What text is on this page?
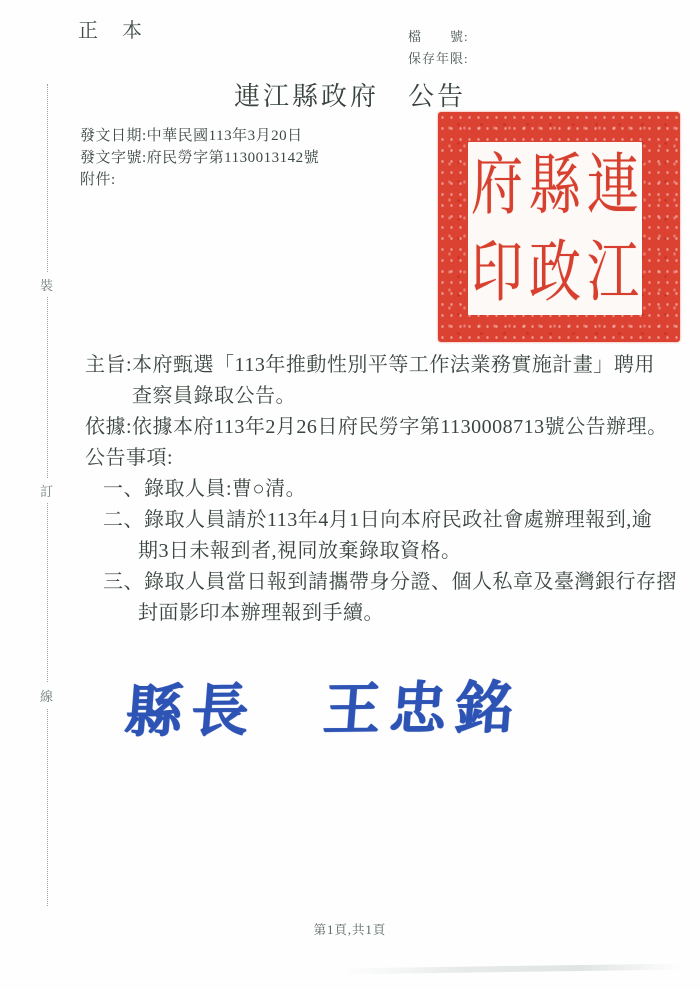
正　本	檔　　號:
保存年限:
連江縣政府　公告
發文日期:中華民國113年3月20日
發文字號:府民勞字第1130013142號
附件:	府 縣 連
印 政 江
主旨:本府甄選「113年推動性別平等工作法業務實施計畫」聘用
查察員錄取公告。
依據:依據本府113年2月26日府民勞字第1130008713號公告辦理。
公告事項:
一、錄取人員:曹○清。
二、錄取人員請於113年4月1日向本府民政社會處辦理報到,逾
期3日未報到者,視同放棄錄取資格。
三、錄取人員當日報到請攜帶身分證、個人私章及臺灣銀行存摺
封面影印本辦理報到手續。
縣長　王忠銘
裝
訂
線
第1頁,共1頁
